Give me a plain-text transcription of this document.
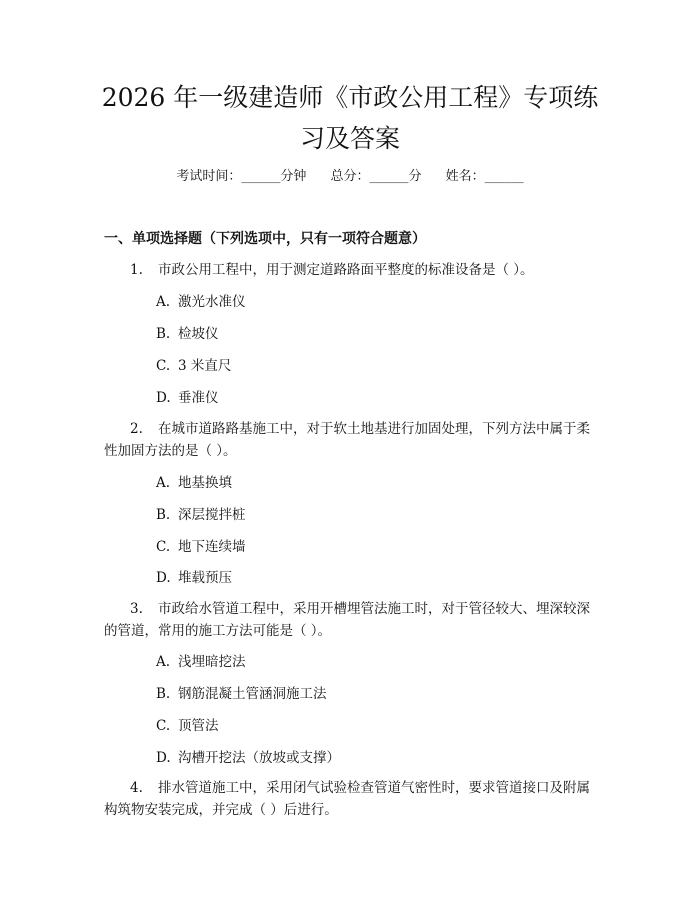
2026 年一级建造师《市政公用工程》专项练
习及答案
考试时间：______分钟 总分：______分 姓名：______
一、单项选择题（下列选项中，只有一项符合题意）
1. 市政公用工程中，用于测定道路路面平整度的标准设备是（ ）。
A. 激光水准仪
B. 检坡仪
C. 3 米直尺
D. 垂准仪
2. 在城市道路路基施工中，对于软土地基进行加固处理，下列方法中属于柔性加固方法的是（ ）。
A. 地基换填
B. 深层搅拌桩
C. 地下连续墙
D. 堆载预压
3. 市政给水管道工程中，采用开槽埋管法施工时，对于管径较大、埋深较深的管道，常用的施工方法可能是（ ）。
A. 浅埋暗挖法
B. 钢筋混凝土管涵洞施工法
C. 顶管法
D. 沟槽开挖法（放坡或支撑）
4. 排水管道施工中，采用闭气试验检查管道气密性时，要求管道接口及附属构筑物安装完成，并完成（ ）后进行。
